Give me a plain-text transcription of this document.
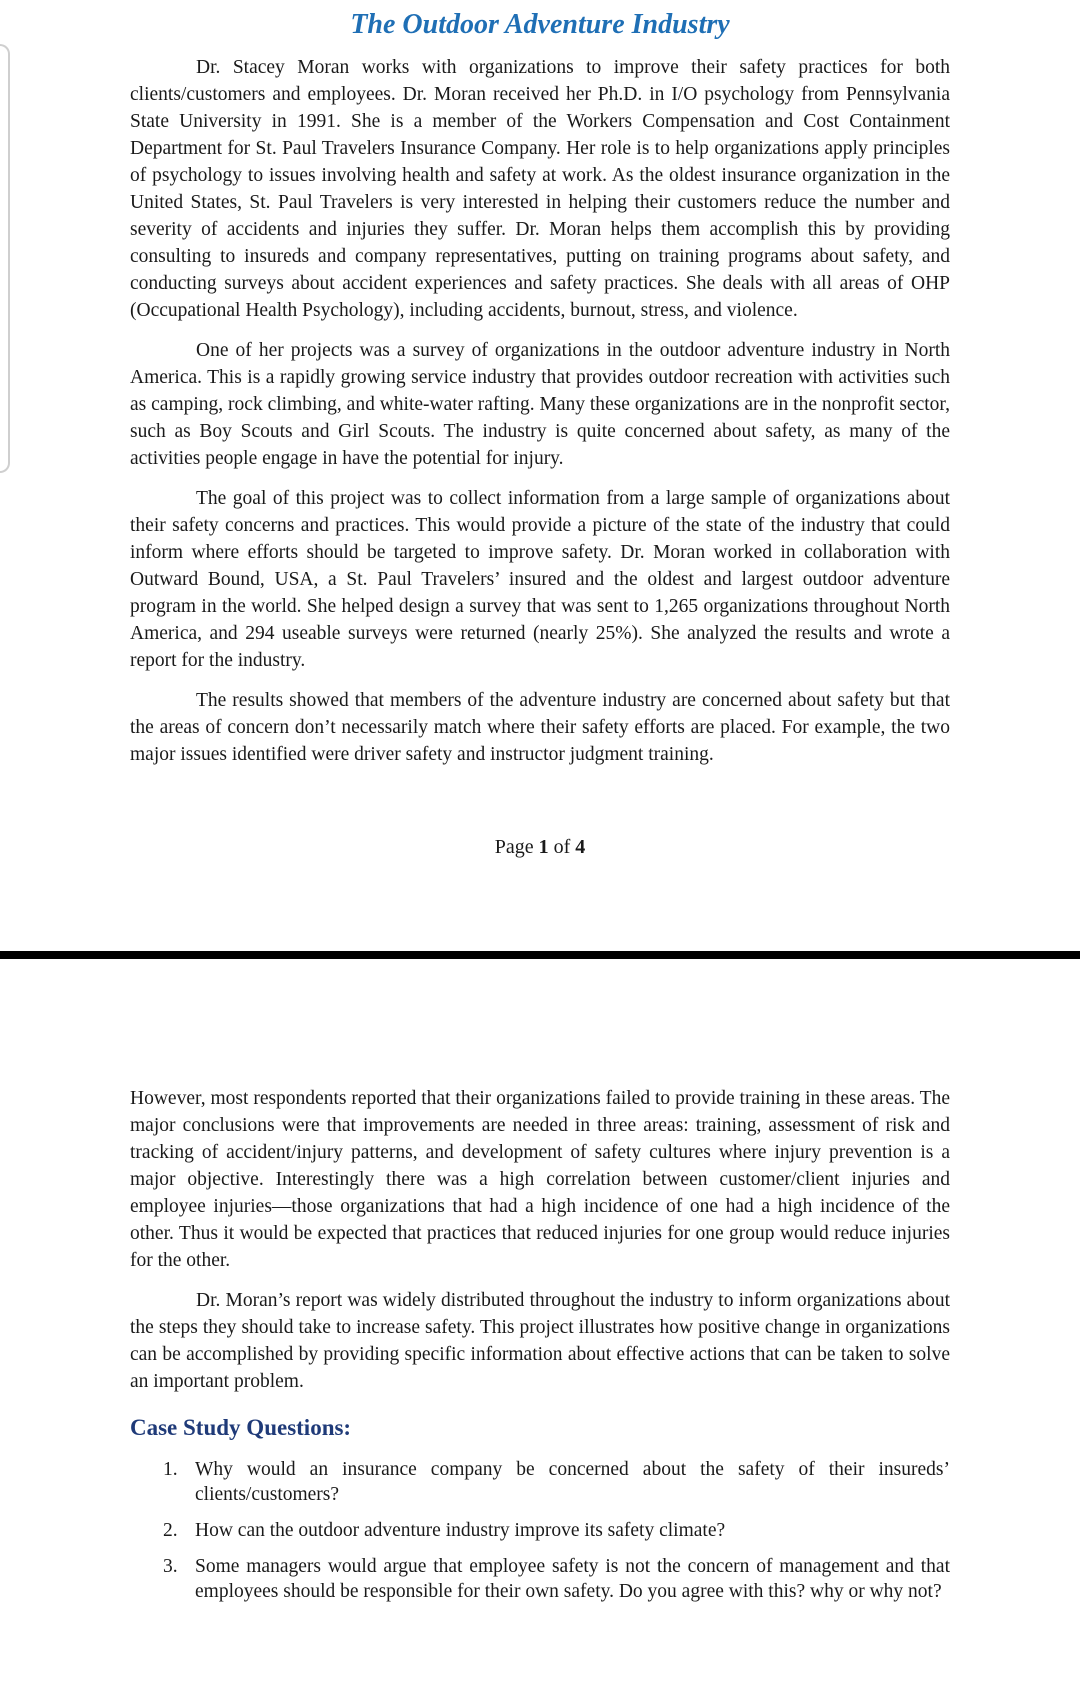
The Outdoor Adventure Industry

Dr. Stacey Moran works with organizations to improve their safety practices for both clients/customers and employees. Dr. Moran received her Ph.D. in I/O psychology from Pennsylvania State University in 1991. She is a member of the Workers Compensation and Cost Containment Department for St. Paul Travelers Insurance Company. Her role is to help organizations apply principles of psychology to issues involving health and safety at work. As the oldest insurance organization in the United States, St. Paul Travelers is very interested in helping their customers reduce the number and severity of accidents and injuries they suffer. Dr. Moran helps them accomplish this by providing consulting to insureds and company representatives, putting on training programs about safety, and conducting surveys about accident experiences and safety practices. She deals with all areas of OHP (Occupational Health Psychology), including accidents, burnout, stress, and violence.

One of her projects was a survey of organizations in the outdoor adventure industry in North America. This is a rapidly growing service industry that provides outdoor recreation with activities such as camping, rock climbing, and white-water rafting. Many these organizations are in the nonprofit sector, such as Boy Scouts and Girl Scouts. The industry is quite concerned about safety, as many of the activities people engage in have the potential for injury.

The goal of this project was to collect information from a large sample of organizations about their safety concerns and practices. This would provide a picture of the state of the industry that could inform where efforts should be targeted to improve safety. Dr. Moran worked in collaboration with Outward Bound, USA, a St. Paul Travelers’ insured and the oldest and largest outdoor adventure program in the world. She helped design a survey that was sent to 1,265 organizations throughout North America, and 294 useable surveys were returned (nearly 25%). She analyzed the results and wrote a report for the industry.

The results showed that members of the adventure industry are concerned about safety but that the areas of concern don’t necessarily match where their safety efforts are placed. For example, the two major issues identified were driver safety and instructor judgment training.

Page 1 of 4

However, most respondents reported that their organizations failed to provide training in these areas. The major conclusions were that improvements are needed in three areas: training, assessment of risk and tracking of accident/injury patterns, and development of safety cultures where injury prevention is a major objective. Interestingly there was a high correlation between customer/client injuries and employee injuries—those organizations that had a high incidence of one had a high incidence of the other. Thus it would be expected that practices that reduced injuries for one group would reduce injuries for the other.

Dr. Moran’s report was widely distributed throughout the industry to inform organizations about the steps they should take to increase safety. This project illustrates how positive change in organizations can be accomplished by providing specific information about effective actions that can be taken to solve an important problem.

Case Study Questions:
1. Why would an insurance company be concerned about the safety of their insureds’ clients/customers?
2. How can the outdoor adventure industry improve its safety climate?
3. Some managers would argue that employee safety is not the concern of management and that employees should be responsible for their own safety. Do you agree with this? why or why not?
